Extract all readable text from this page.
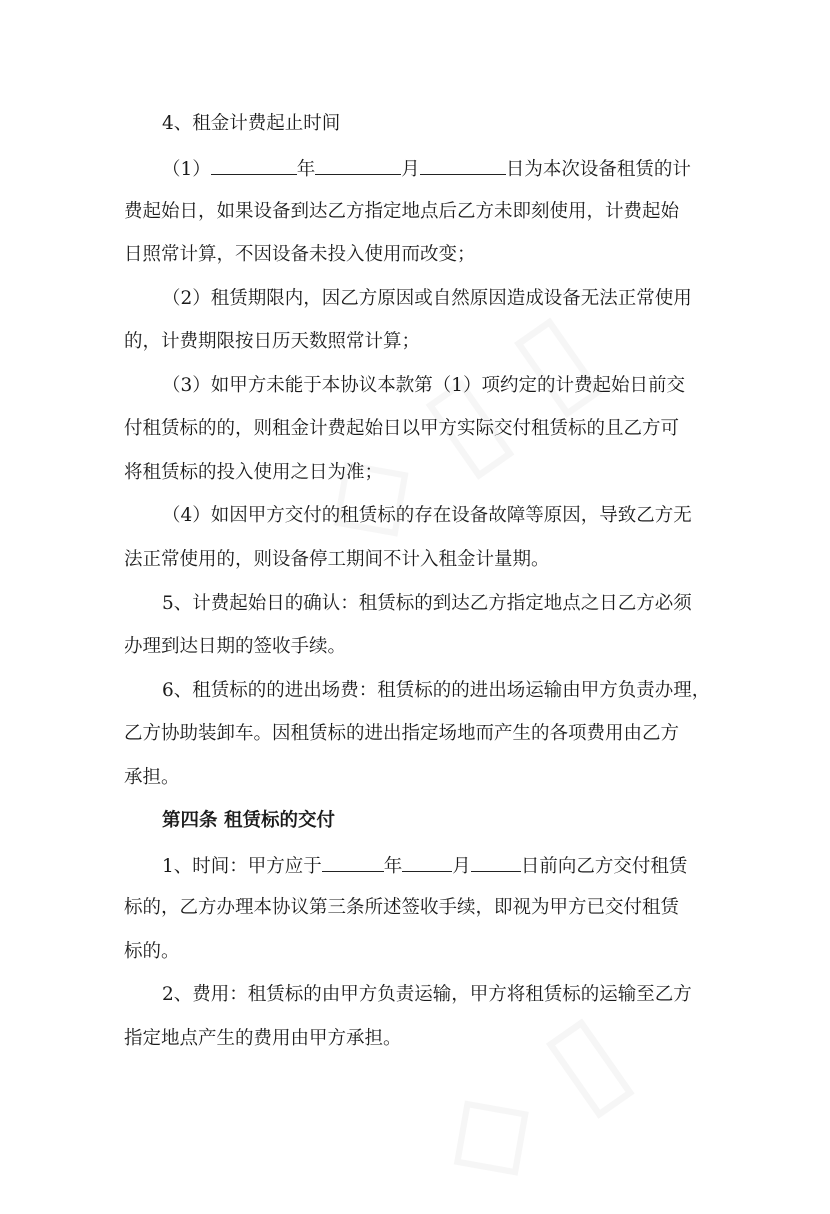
4、租金计费起止时间
（1）	年	月	日为本次设备租赁的计
费起始日，如果设备到达乙方指定地点后乙方未即刻使用，计费起始
日照常计算，不因设备未投入使用而改变；
（2）租赁期限内，因乙方原因或自然原因造成设备无法正常使用
的，计费期限按日历天数照常计算；
（3）如甲方未能于本协议本款第（1）项约定的计费起始日前交
付租赁标的的，则租金计费起始日以甲方实际交付租赁标的且乙方可
将租赁标的投入使用之日为准；
（4）如因甲方交付的租赁标的存在设备故障等原因，导致乙方无
法正常使用的，则设备停工期间不计入租金计量期。
5、计费起始日的确认：租赁标的到达乙方指定地点之日乙方必须
办理到达日期的签收手续。
6、租赁标的的进出场费：租赁标的的进出场运输由甲方负责办理，
乙方协助装卸车。因租赁标的进出指定场地而产生的各项费用由乙方
承担。
第四条 租赁标的交付
1、时间：甲方应于	年	月	日前向乙方交付租赁
标的，乙方办理本协议第三条所述签收手续，即视为甲方已交付租赁
标的。
2、费用：租赁标的由甲方负责运输，甲方将租赁标的运输至乙方
指定地点产生的费用由甲方承担。
